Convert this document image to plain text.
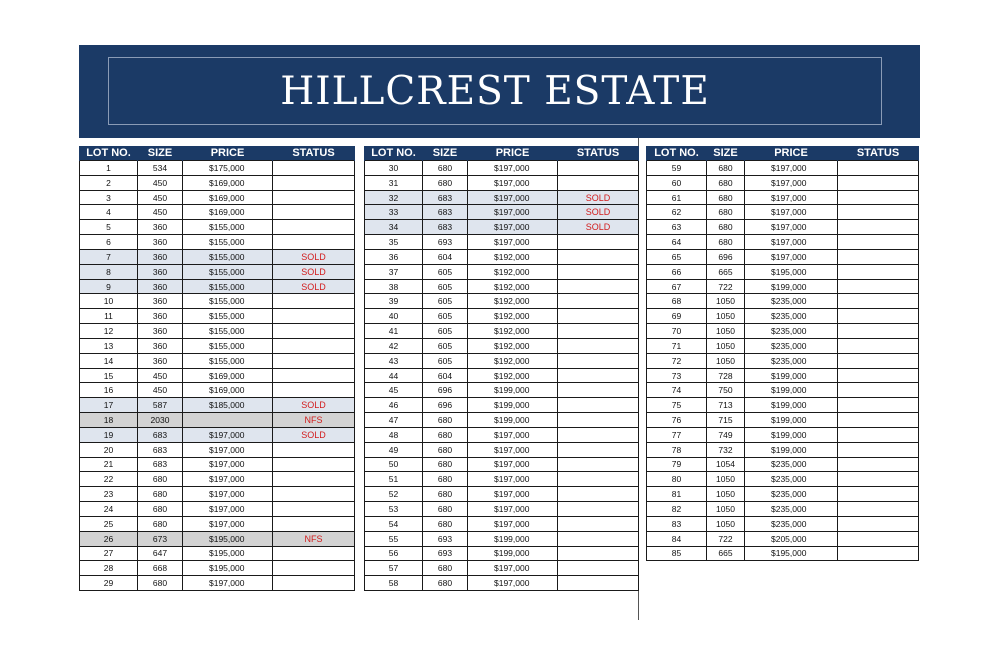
HILLCREST ESTATE
LOT NO.	SIZE	PRICE	STATUS
1	534	$175,000	
2	450	$169,000	
3	450	$169,000	
4	450	$169,000	
5	360	$155,000	
6	360	$155,000	
7	360	$155,000	SOLD
8	360	$155,000	SOLD
9	360	$155,000	SOLD
10	360	$155,000	
11	360	$155,000	
12	360	$155,000	
13	360	$155,000	
14	360	$155,000	
15	450	$169,000	
16	450	$169,000	
17	587	$185,000	SOLD
18	2030		NFS
19	683	$197,000	SOLD
20	683	$197,000	
21	683	$197,000	
22	680	$197,000	
23	680	$197,000	
24	680	$197,000	
25	680	$197,000	
26	673	$195,000	NFS
27	647	$195,000	
28	668	$195,000	
29	680	$197,000	
LOT NO.	SIZE	PRICE	STATUS
30	680	$197,000	
31	680	$197,000	
32	683	$197,000	SOLD
33	683	$197,000	SOLD
34	683	$197,000	SOLD
35	693	$197,000	
36	604	$192,000	
37	605	$192,000	
38	605	$192,000	
39	605	$192,000	
40	605	$192,000	
41	605	$192,000	
42	605	$192,000	
43	605	$192,000	
44	604	$192,000	
45	696	$199,000	
46	696	$199,000	
47	680	$199,000	
48	680	$197,000	
49	680	$197,000	
50	680	$197,000	
51	680	$197,000	
52	680	$197,000	
53	680	$197,000	
54	680	$197,000	
55	693	$199,000	
56	693	$199,000	
57	680	$197,000	
58	680	$197,000	
LOT NO.	SIZE	PRICE	STATUS
59	680	$197,000	
60	680	$197,000	
61	680	$197,000	
62	680	$197,000	
63	680	$197,000	
64	680	$197,000	
65	696	$197,000	
66	665	$195,000	
67	722	$199,000	
68	1050	$235,000	
69	1050	$235,000	
70	1050	$235,000	
71	1050	$235,000	
72	1050	$235,000	
73	728	$199,000	
74	750	$199,000	
75	713	$199,000	
76	715	$199,000	
77	749	$199,000	
78	732	$199,000	
79	1054	$235,000	
80	1050	$235,000	
81	1050	$235,000	
82	1050	$235,000	
83	1050	$235,000	
84	722	$205,000	
85	665	$195,000	
